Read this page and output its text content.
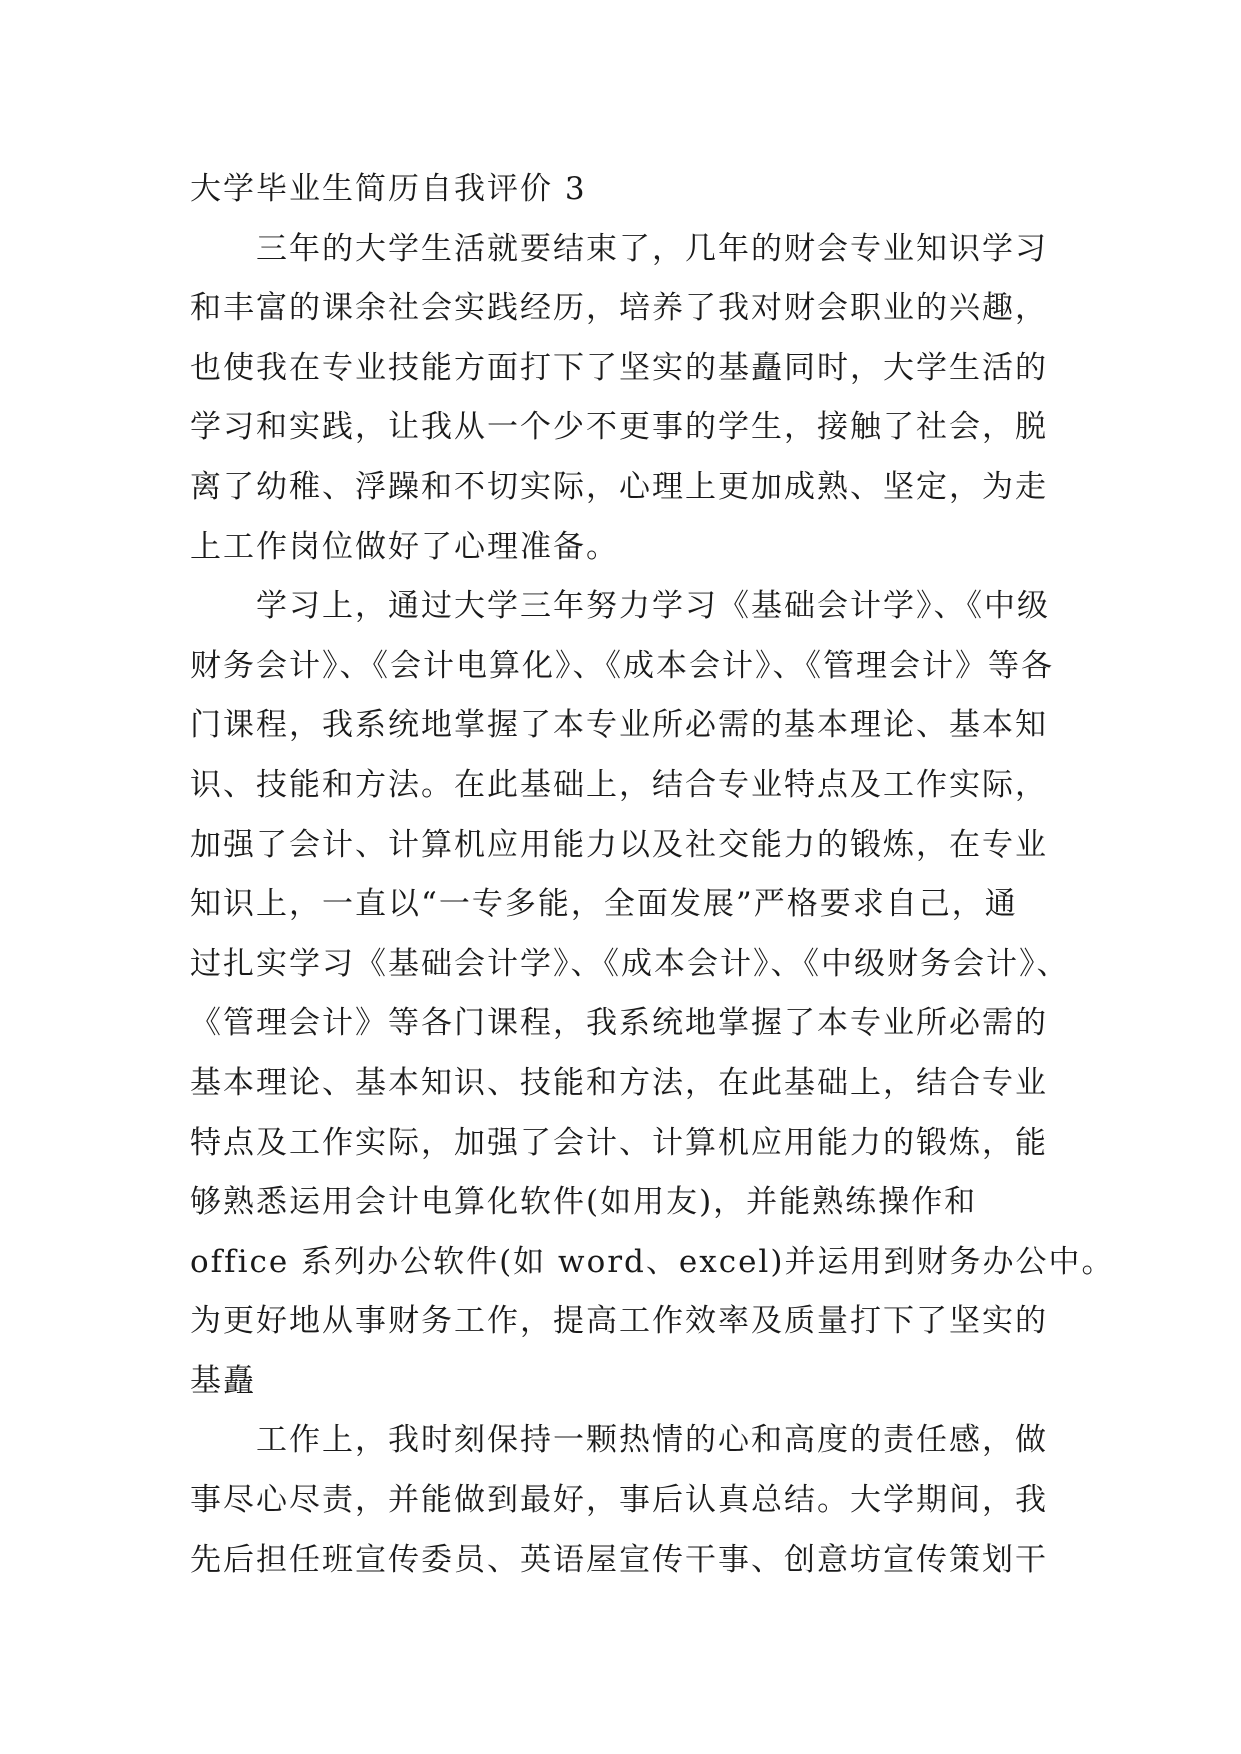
大学毕业生简历自我评价 3
三年的大学生活就要结束了，几年的财会专业知识学习
和丰富的课余社会实践经历，培养了我对财会职业的兴趣，
也使我在专业技能方面打下了坚实的基矗同时，大学生活的
学习和实践，让我从一个少不更事的学生，接触了社会，脱
离了幼稚、浮躁和不切实际，心理上更加成熟、坚定，为走
上工作岗位做好了心理准备。
学习上，通过大学三年努力学习《基础会计学》、《中级
财务会计》、《会计电算化》、《成本会计》、《管理会计》等各
门课程，我系统地掌握了本专业所必需的基本理论、基本知
识、技能和方法。在此基础上，结合专业特点及工作实际，
加强了会计、计算机应用能力以及社交能力的锻炼，在专业
知识上，一直以“一专多能，全面发展”严格要求自己，通
过扎实学习《基础会计学》、《成本会计》、《中级财务会计》、
《管理会计》等各门课程，我系统地掌握了本专业所必需的
基本理论、基本知识、技能和方法，在此基础上，结合专业
特点及工作实际，加强了会计、计算机应用能力的锻炼，能
够熟悉运用会计电算化软件(如用友)，并能熟练操作和
office 系列办公软件(如 word、excel)并运用到财务办公中。
为更好地从事财务工作，提高工作效率及质量打下了坚实的
基矗
工作上，我时刻保持一颗热情的心和高度的责任感，做
事尽心尽责，并能做到最好，事后认真总结。大学期间，我
先后担任班宣传委员、英语屋宣传干事、创意坊宣传策划干
